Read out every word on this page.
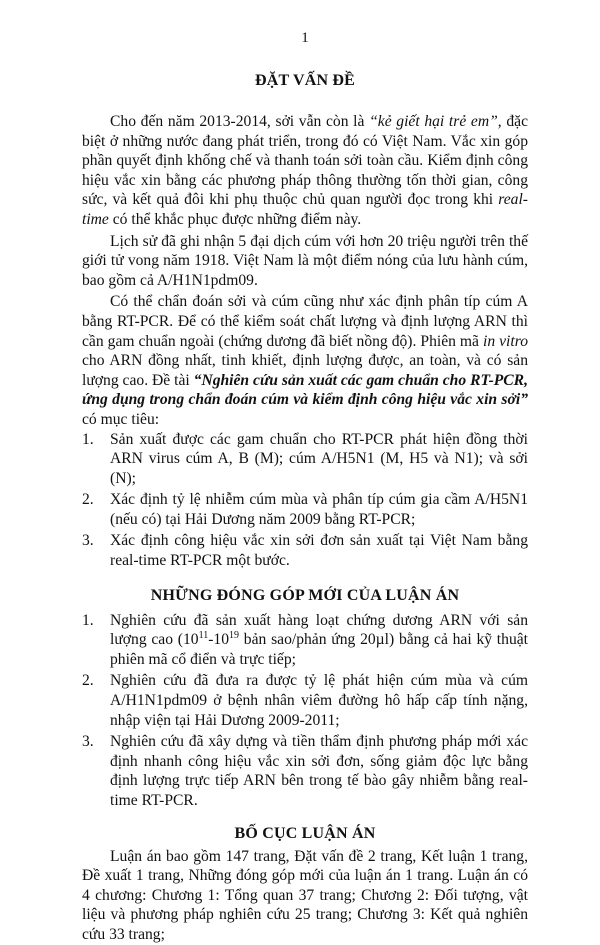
1
ĐẶT VẤN ĐỀ

Cho đến năm 2013-2014, sởi vẫn còn là “kẻ giết hại trẻ em”, đặc biệt ở những nước đang phát triển, trong đó có Việt Nam. Vắc xin góp phần quyết định khống chế và thanh toán sởi toàn cầu. Kiểm định công hiệu vắc xin bằng các phương pháp thông thường tốn thời gian, công sức, và kết quả đôi khi phụ thuộc chủ quan người đọc trong khi real-time có thể khắc phục được những điểm này.

Lịch sử đã ghi nhận 5 đại dịch cúm với hơn 20 triệu người trên thế giới tử vong năm 1918. Việt Nam là một điểm nóng của lưu hành cúm, bao gồm cả A/H1N1pdm09.

Có thể chẩn đoán sởi và cúm cũng như xác định phân típ cúm A bằng RT-PCR. Để có thể kiểm soát chất lượng và định lượng ARN thì cần gam chuẩn ngoài (chứng dương đã biết nồng độ). Phiên mã in vitro cho ARN đồng nhất, tinh khiết, định lượng được, an toàn, và có sản lượng cao. Đề tài “Nghiên cứu sản xuất các gam chuẩn cho RT-PCR, ứng dụng trong chẩn đoán cúm và kiểm định công hiệu vắc xin sởi” có mục tiêu:

1. Sản xuất được các gam chuẩn cho RT-PCR phát hiện đồng thời ARN virus cúm A, B (M); cúm A/H5N1 (M, H5 và N1); và sởi (N);
2. Xác định tỷ lệ nhiễm cúm mùa và phân típ cúm gia cầm A/H5N1 (nếu có) tại Hải Dương năm 2009 bằng RT-PCR;
3. Xác định công hiệu vắc xin sởi đơn sản xuất tại Việt Nam bằng real-time RT-PCR một bước.
NHỮNG ĐÓNG GÓP MỚI CỦA LUẬN ÁN
1. Nghiên cứu đã sản xuất hàng loạt chứng dương ARN với sản lượng cao ($10^{11}-10^{19}$ bản sao/phản ứng 20µl) bằng cả hai kỹ thuật phiên mã cổ điển và trực tiếp;
2. Nghiên cứu đã đưa ra được tỷ lệ phát hiện cúm mùa và cúm A/H1N1pdm09 ở bệnh nhân viêm đường hô hấp cấp tính nặng, nhập viện tại Hải Dương 2009-2011;
3. Nghiên cứu đã xây dựng và tiền thẩm định phương pháp mới xác định nhanh công hiệu vắc xin sởi đơn, sống giảm độc lực bằng định lượng trực tiếp ARN bên trong tế bào gây nhiễm bằng real-time RT-PCR.
BỐ CỤC LUẬN ÁN

Luận án bao gồm 147 trang, Đặt vấn đề 2 trang, Kết luận 1 trang, Đề xuất 1 trang, Những đóng góp mới của luận án 1 trang. Luận án có 4 chương: Chương 1: Tổng quan 37 trang; Chương 2: Đối tượng, vật liệu và phương pháp nghiên cứu 25 trang; Chương 3: Kết quả nghiên cứu 33 trang;
